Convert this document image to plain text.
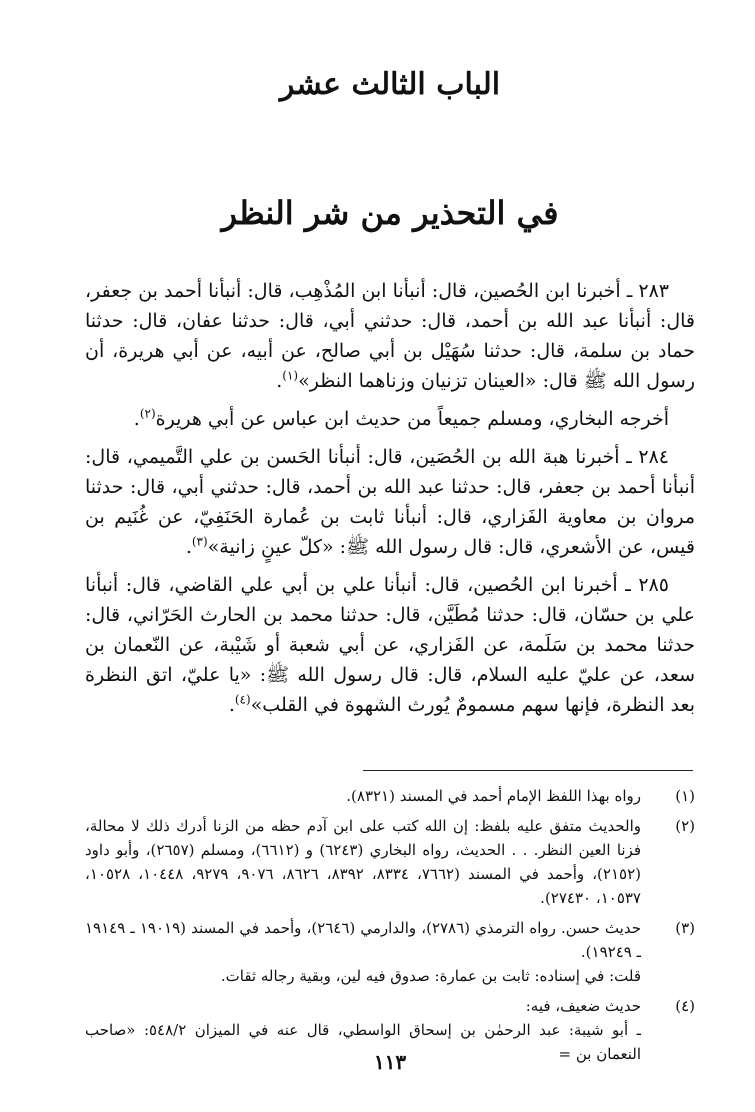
الباب الثالث عشر
في التحذير من شر النظر

٢٨٣ ـ أخبرنا ابن الحُصين، قال: أنبأنا ابن المُذْهِب، قال: أنبأنا أحمد بن جعفر، قال: أنبأنا عبد الله بن أحمد، قال: حدثني أبي، قال: حدثنا عفان، قال: حدثنا حماد بن سلمة، قال: حدثنا سُهَيْل بن أبي صالح، عن أبيه، عن أبي هريرة، أن رسول الله ﷺ قال: «العينان تزنيان وزناهما النظر»$^{(١)}$.

أخرجه البخاري، ومسلم جميعاً من حديث ابن عباس عن أبي هريرة$^{(٢)}$.

٢٨٤ ـ أخبرنا هبة الله بن الحُصَين، قال: أنبأنا الحَسن بن علي التَّميمي، قال: أنبأنا أحمد بن جعفر، قال: حدثنا عبد الله بن أحمد، قال: حدثني أبي، قال: حدثنا مروان بن معاوية الفَزاري، قال: أنبأنا ثابت بن عُمارة الحَنَفِيّ، عن غُنَيم بن قيس، عن الأشعري، قال: قال رسول الله ﷺ: «كلّ عينٍ زانية»$^{(٣)}$.

٢٨٥ ـ أخبرنا ابن الحُصين، قال: أنبأنا علي بن أبي علي القاضي، قال: أنبأنا علي بن حسّان، قال: حدثنا مُطَيَّن، قال: حدثنا محمد بن الحارث الحَرّاني، قال: حدثنا محمد بن سَلَمة، عن الفَزاري، عن أبي شعبة أو شَيْبة، عن النّعمان بن سعد، عن عليّ عليه السلام، قال: قال رسول الله ﷺ: «يا عليّ، اتق النظرة بعد النظرة، فإنها سهم مسمومٌ يُورث الشهوة في القلب»$^{(٤)}$.

(١)
رواه بهذا اللفظ الإمام أحمد في المسند (٨٣٢١).
(٢)
والحديث متفق عليه بلفظ: إن الله كتب على ابن آدم حظه من الزنا أدرك ذلك لا محالة، فزنا العين النظر. . . الحديث، رواه البخاري (٦٢٤٣) و (٦٦١٢)، ومسلم (٢٦٥٧)، وأبو داود (٢١٥٢)، وأحمد في المسند (٧٦٦٢، ٨٣٣٤، ٨٣٩٢، ٨٦٢٦، ٩٠٧٦، ٩٢٧٩، ١٠٤٤٨، ١٠٥٢٨، ١٠٥٣٧، ٢٧٤٣٠).
(٣)
حديث حسن. رواه الترمذي (٢٧٨٦)، والدارمي (٢٦٤٦)، وأحمد في المسند (١٩٠١٩ ـ ١٩١٤٩ ـ ١٩٢٤٩).
قلت: في إسناده: ثابت بن عمارة: صدوق فيه لين، وبقية رجاله ثقات.
(٤)
حديث ضعيف، فيه:
ـ أبو شيبة: عبد الرحمٰن بن إسحاق الواسطي، قال عنه في الميزان ٥٤٨/٢: «صاحب النعمان بن =
١١٣
